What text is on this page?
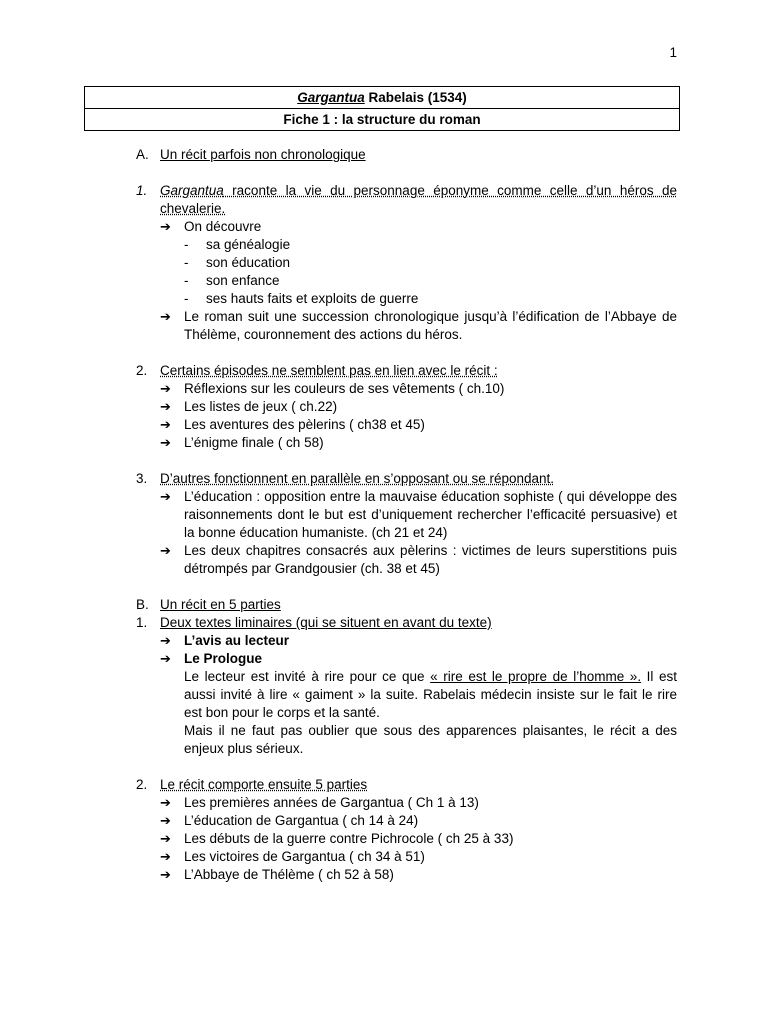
1
Gargantua Rabelais (1534)
Fiche 1 : la structure du roman

A. Un récit parfois non chronologique

1. Gargantua raconte la vie du personnage éponyme comme celle d’un héros de chevalerie.

➔ On découvre

- sa généalogie

- son éducation

- son enfance

- ses hauts faits et exploits de guerre

➔ Le roman suit une succession chronologique jusqu’à l’édification de l’Abbaye de Thélème, couronnement des actions du héros.

2. Certains épisodes ne semblent pas en lien avec le récit :

➔ Réflexions sur les couleurs de ses vêtements ( ch.10)

➔ Les listes de jeux ( ch.22)

➔ Les aventures des pèlerins ( ch38 et 45)

➔ L’énigme finale ( ch 58)

3. D’autres fonctionnent en parallèle en s’opposant ou se répondant.

➔ L’éducation : opposition entre la mauvaise éducation sophiste ( qui développe des raisonnements dont le but est d’uniquement rechercher l’efficacité persuasive) et la bonne éducation humaniste. (ch 21 et 24)

➔ Les deux chapitres consacrés aux pèlerins : victimes de leurs superstitions puis détrompés par Grandgousier (ch. 38 et 45)

B. Un récit en 5 parties

1. Deux textes liminaires (qui se situent en avant du texte)

➔ L’avis au lecteur

➔ Le Prologue

Le lecteur est invité à rire pour ce que « rire est le propre de l’homme ». Il est aussi invité à lire « gaiment » la suite. Rabelais médecin insiste sur le fait le rire est bon pour le corps et la santé.

Mais il ne faut pas oublier que sous des apparences plaisantes, le récit a des enjeux plus sérieux.

2. Le récit comporte ensuite 5 parties

➔ Les premières années de Gargantua ( Ch 1 à 13)

➔ L’éducation de Gargantua ( ch 14 à 24)

➔ Les débuts de la guerre contre Pichrocole ( ch 25 à 33)

➔ Les victoires de Gargantua ( ch 34 à 51)

➔ L’Abbaye de Thélème ( ch 52 à 58)
